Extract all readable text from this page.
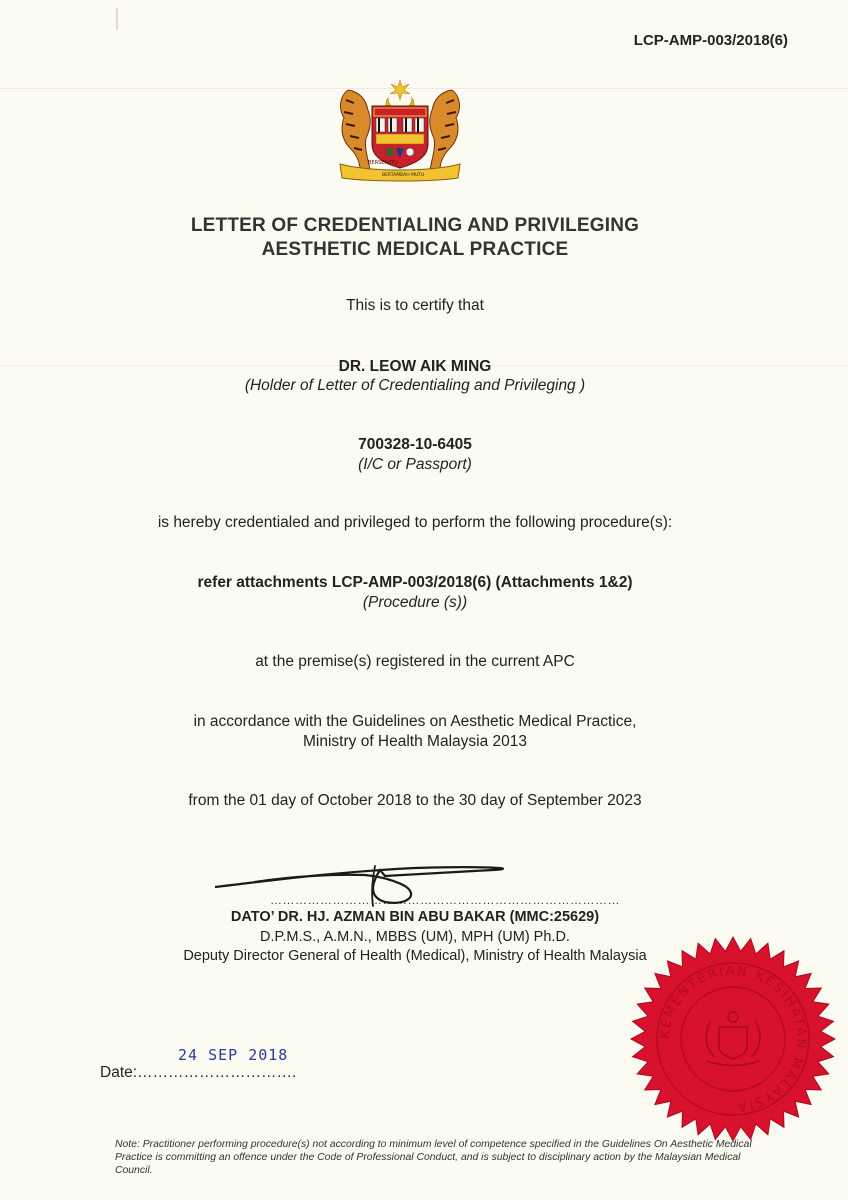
LCP-AMP-003/2018(6)
BERSEKUTU
BERTAMBAH MUTU
LETTER OF CREDENTIALING AND PRIVILEGING
AESTHETIC MEDICAL PRACTICE
This is to certify that
DR. LEOW AIK MING
(Holder of Letter of Credentialing and Privileging )
700328-10-6405
(I/C or Passport)
is hereby credentialed and privileged to perform the following procedure(s):
refer attachments LCP-AMP-003/2018(6) (Attachments 1&2)
(Procedure (s))
at the premise(s) registered in the current APC
in accordance with the Guidelines on Aesthetic Medical Practice,
Ministry of Health Malaysia 2013
from the 01 day of October 2018 to the 30 day of September 2023
…………………………………………………………………………
DATO’ DR. HJ. AZMAN BIN ABU BAKAR (MMC:25629)
D.P.M.S., A.M.N., MBBS (UM), MPH (UM) Ph.D.
Deputy Director General of Health (Medical), Ministry of Health Malaysia
24 SEP 2018
Date:………………………….
KEMENTERIAN KESIHATAN MALAYSIA
Note: Practitioner performing procedure(s) not according to minimum level of competence specified in the Guidelines On Aesthetic Medical Practice is committing an offence under the Code of Professional Conduct, and is subject to disciplinary action by the Malaysian Medical Council.
